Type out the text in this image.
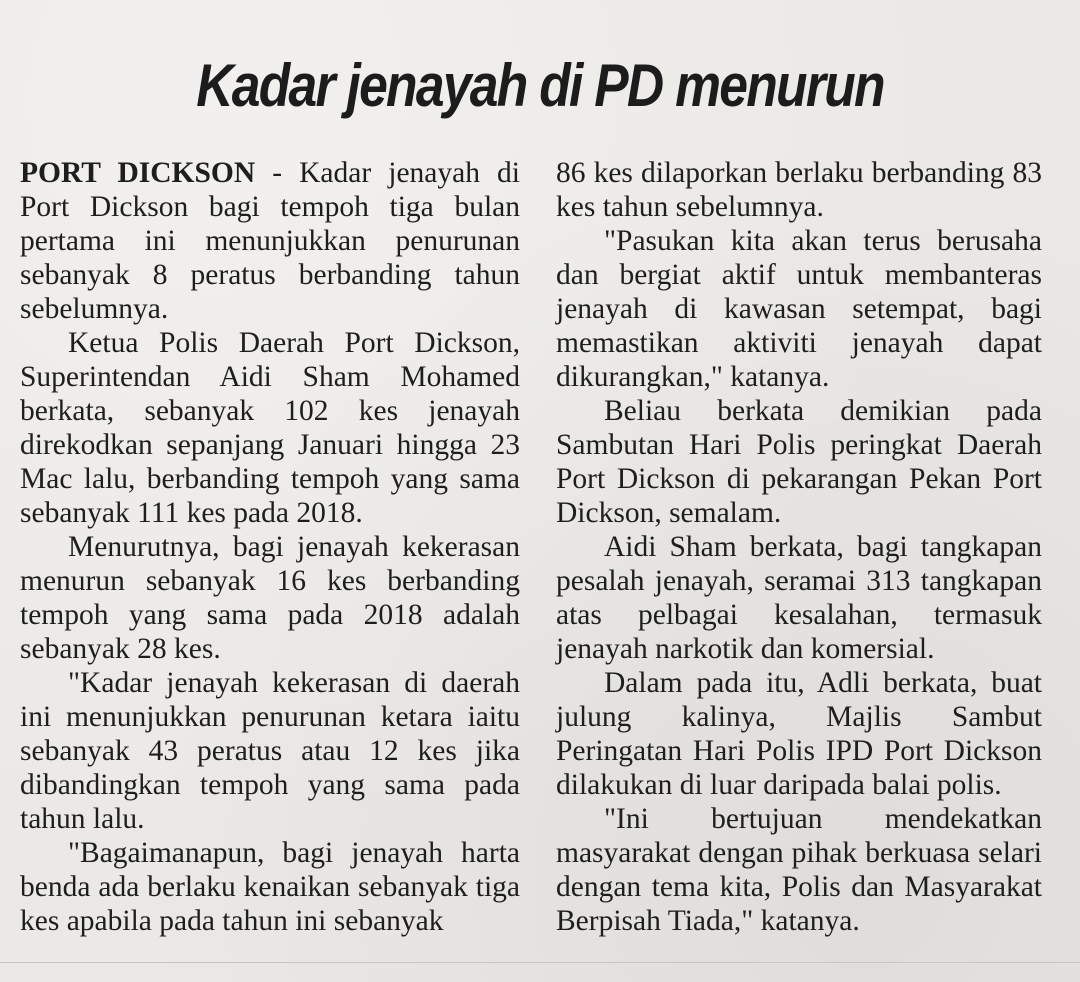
Kadar jenayah di PD menurun

PORT DICKSON - Kadar jenayah di Port Dickson bagi tempoh tiga bulan pertama ini menunjukkan penurunan sebanyak 8 peratus berbanding tahun sebelumnya.

Ketua Polis Daerah Port Dickson, Superintendan Aidi Sham Mohamed berkata, sebanyak 102 kes jenayah direkodkan sepanjang Januari hingga 23 Mac lalu, berbanding tempoh yang sama sebanyak 111 kes pada 2018.

Menurutnya, bagi jenayah kekerasan menurun sebanyak 16 kes berbanding tempoh yang sama pada 2018 adalah sebanyak 28 kes.

"Kadar jenayah kekerasan di daerah ini menunjukkan penurunan ketara iaitu sebanyak 43 peratus atau 12 kes jika dibandingkan tempoh yang sama pada tahun lalu.

"Bagaimanapun, bagi jenayah harta benda ada berlaku kenaikan sebanyak tiga kes apabila pada tahun ini sebanyak

86 kes dilaporkan berlaku berbanding 83 kes tahun sebelumnya.

"Pasukan kita akan terus berusaha dan bergiat aktif untuk membanteras jenayah di kawasan setempat, bagi memastikan aktiviti jenayah dapat dikurangkan," katanya.

Beliau berkata demikian pada Sambutan Hari Polis peringkat Daerah Port Dickson di pekarangan Pekan Port Dickson, semalam.

Aidi Sham berkata, bagi tangkapan pesalah jenayah, seramai 313 tangkapan atas pelbagai kesalahan, termasuk jenayah narkotik dan komersial.

Dalam pada itu, Adli berkata, buat julung kalinya, Majlis Sambut Peringatan Hari Polis IPD Port Dickson dilakukan di luar daripada balai polis.

"Ini bertujuan mendekatkan masyarakat dengan pihak berkuasa selari dengan tema kita, Polis dan Masyarakat Berpisah Tiada," katanya.
